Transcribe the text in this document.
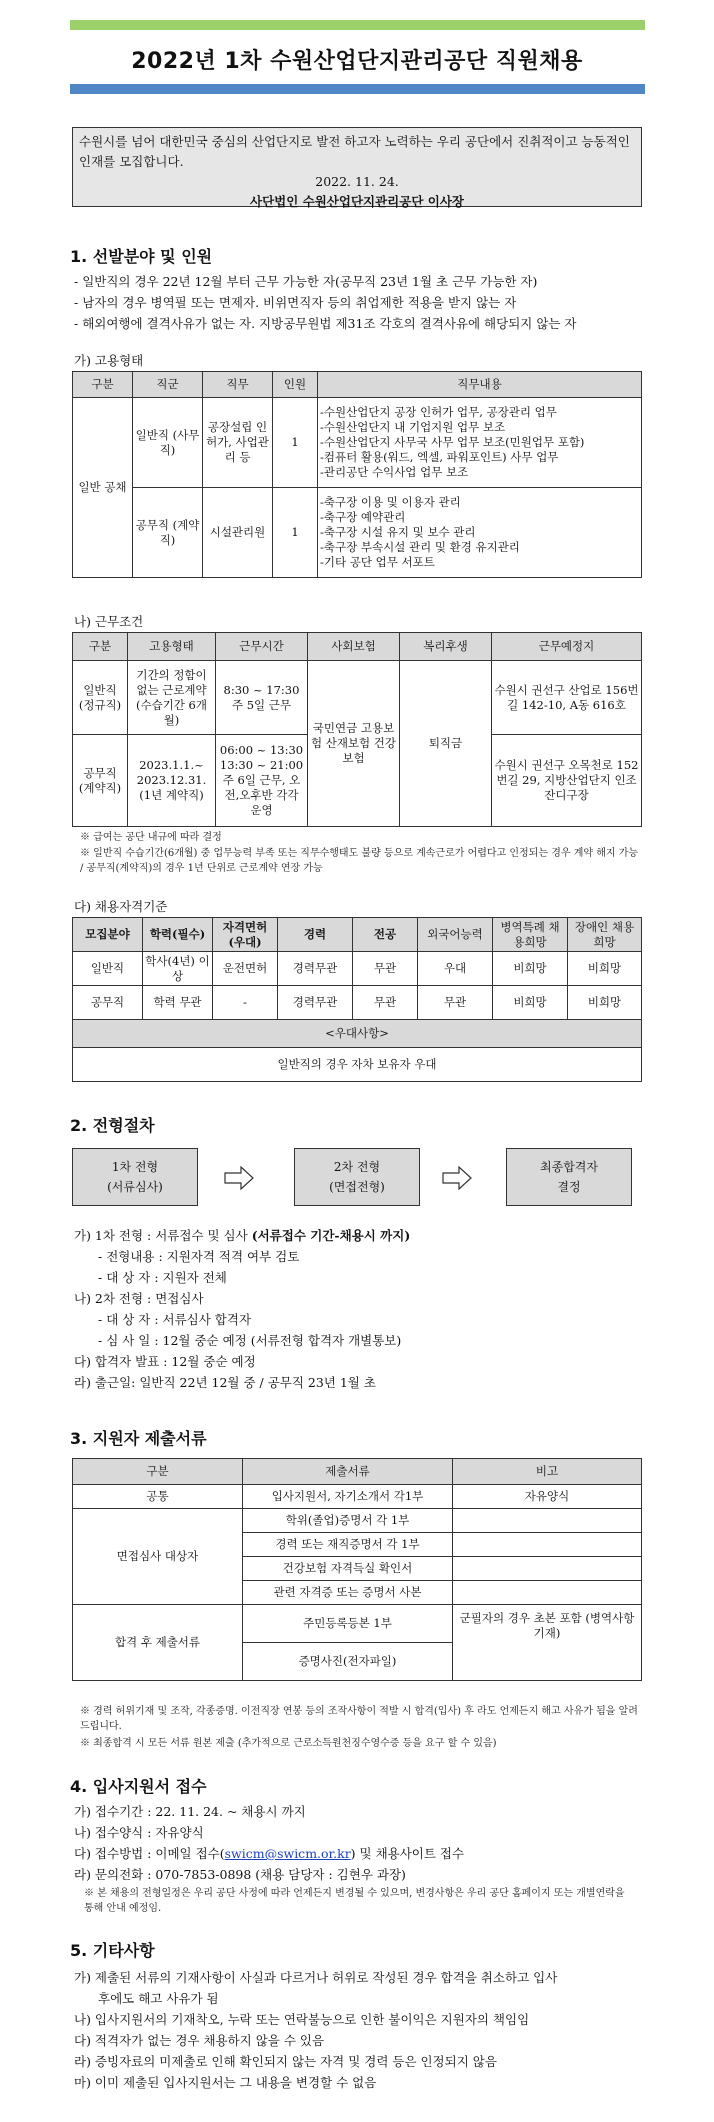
2022년 1차 수원산업단지관리공단 직원채용
수원시를 넘어 대한민국 중심의 산업단지로 발전 하고자 노력하는 우리 공단에서 진취적이고 능동적인 인재를 모집합니다.
2022. 11. 24.
사단법인 수원산업단지관리공단 이사장
1. 선발분야 및 인원
- 일반직의 경우 22년 12월 부터 근무 가능한 자(공무직 23년 1월 초 근무 가능한 자)
- 남자의 경우 병역필 또는 면제자. 비위면직자 등의 취업제한 적용을 받지 않는 자
- 해외여행에 결격사유가 없는 자. 지방공무원법 제31조 각호의 결격사유에 해당되지 않는 자
가) 고용형태
구분	직군	직무	인원	직무내용
일반 공채	일반직 (사무직)	공장설립 인허가, 사업관리 등	1	-수원산업단지 공장 인허가 업무, 공장관리 업무
-수원산업단지 내 기업지원 업무 보조
-수원산업단지 사무국 사무 업무 보조(민원업무 포함)
-컴퓨터 활용(워드, 엑셀, 파워포인트) 사무 업무
-관리공단 수익사업 업무 보조

	공무직 (계약직)	시설관리원	1	-축구장 이용 및 이용자 관리
-축구장 예약관리
-축구장 시설 유지 및 보수 관리
-축구장 부속시설 관리 및 환경 유지관리
-기타 공단 업무 서포트
나) 근무조건
구분	고용형태	근무시간	사회보험	복리후생	근무예정지
일반직 (정규직)	기간의 정함이 없는 근로계약 (수습기간 6개월)	8:30 ~ 17:30 주 5일 근무	국민연금 고용보험 산재보험 건강보험	퇴직금	수원시 권선구 산업로 156번길 142-10, A동 616호
공무직 (계약직)	2023.1.1.~ 2023.12.31. (1년 계약직)	06:00 ~ 13:30 13:30 ~ 21:00 주 6일 근무, 오전,오후반 각각 운영			수원시 권선구 오목천로 152번길 29, 지방산업단지 인조잔디구장
※ 급여는 공단 내규에 따라 결정
※ 일반직 수습기간(6개월) 중 업무능력 부족 또는 직무수행태도 불량 등으로 계속근로가 어렵다고 인정되는 경우 계약 해지 가능 / 공무직(계약직)의 경우 1년 단위로 근로계약 연장 가능
다) 채용자격기준
모집분야	학력(필수)	자격면허 (우대)	경력	전공	외국어능력	병역특례 채용희망	장애인 채용희망
일반직	학사(4년) 이상	운전면허	경력무관	무관	우대	비희망	비희망
공무직	학력 무관	-	경력무관	무관	무관	비희망	비희망
<우대사항>							
일반직의 경우 자차 보유자 우대							
2. 전형절차
1차 전형
(서류심사)
2차 전형
(면접전형)
최종합격자
결정
가) 1차 전형 : 서류접수 및 심사 (서류접수 기간-채용시 까지)
- 전형내용 : 지원자격 적격 여부 검토
- 대 상 자 : 지원자 전체
나) 2차 전형 : 면접심사
- 대 상 자 : 서류심사 합격자
- 심 사 일 : 12월 중순 예정 (서류전형 합격자 개별통보)
다) 합격자 발표 : 12월 중순 예정
라) 출근일: 일반직 22년 12월 중 / 공무직 23년 1월 초
3. 지원자 제출서류
구분	제출서류	비고
공통	입사지원서, 자기소개서 각1부	자유양식
면접심사 대상자	학위(졸업)증명서 각 1부	
	경력 또는 재직증명서 각 1부	
	건강보험 자격득실 확인서	
	관련 자격증 또는 증명서 사본	
합격 후 제출서류	주민등록등본 1부	군필자의 경우 초본 포함 (병역사항 기재)
	증명사진(전자파일)	
※ 경력 허위기재 및 조작, 각종증명. 이전직장 연봉 등의 조작사항이 적발 시 합격(입사) 후 라도 언제든지 해고 사유가 됨을 알려 드립니다.
※ 최종합격 시 모든 서류 원본 제출 (추가적으로 근로소득원천징수영수증 등을 요구 할 수 있음)
4. 입사지원서 접수
가) 접수기간 : 22. 11. 24. ~ 채용시 까지
나) 접수양식 : 자유양식
다) 접수방법 : 이메일 접수(swicm@swicm.or.kr) 및 채용사이트 접수
라) 문의전화 : 070-7853-0898 (채용 담당자 : 김현우 과장)
※ 본 채용의 전형일정은 우리 공단 사정에 따라 언제든지 변경될 수 있으며, 변경사항은 우리 공단 홈페이지 또는 개별연락을 통해 안내 예정임.
5. 기타사항
가) 제출된 서류의 기재사항이 사실과 다르거나 허위로 작성된 경우 합격을 취소하고 입사
후에도 해고 사유가 됨
나) 입사지원서의 기재착오, 누락 또는 연락불능으로 인한 불이익은 지원자의 책임임
다) 적격자가 없는 경우 채용하지 않을 수 있음
라) 증빙자료의 미제출로 인해 확인되지 않는 자격 및 경력 등은 인정되지 않음
마) 이미 제출된 입사지원서는 그 내용을 변경할 수 없음
